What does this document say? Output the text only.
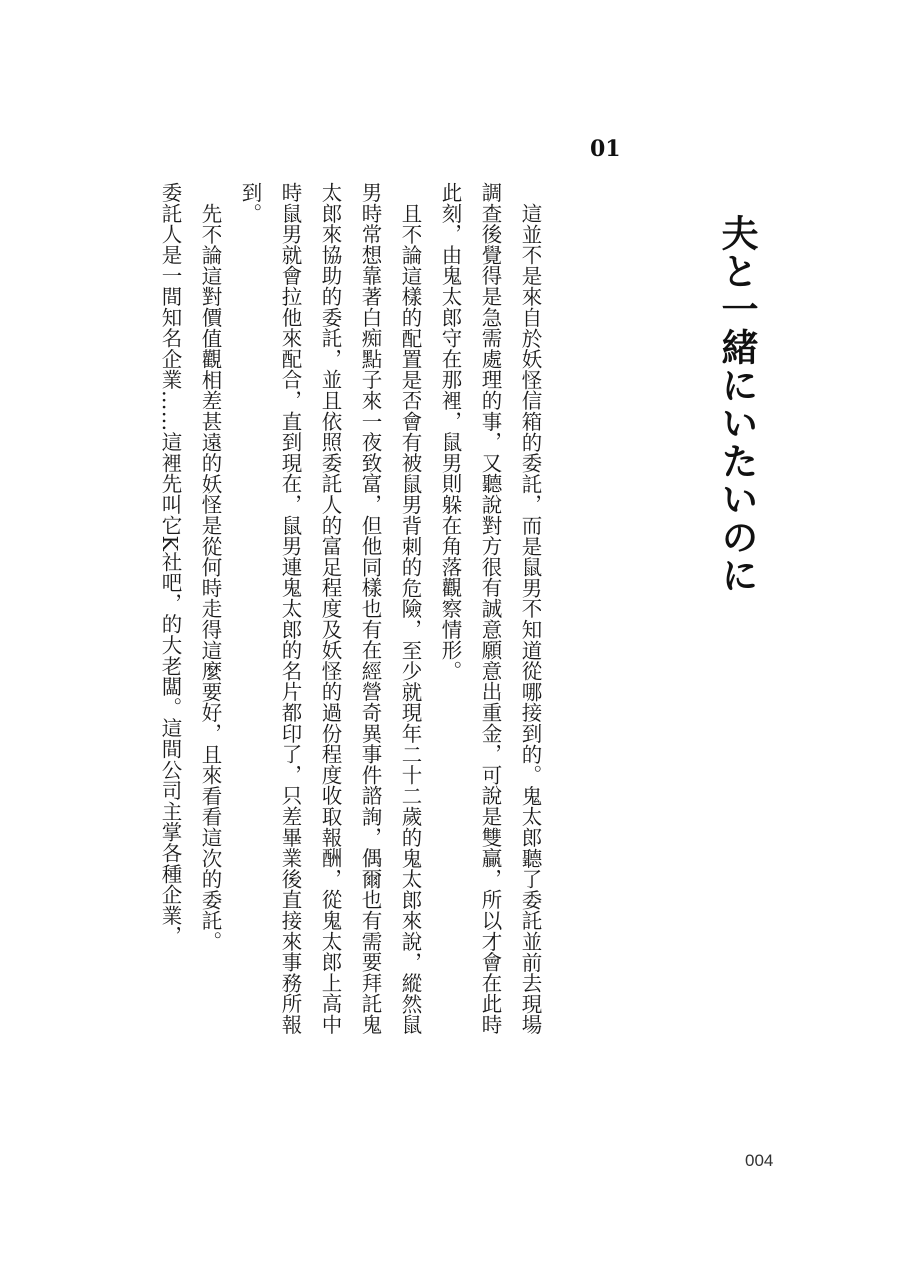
夫と一緒にいたいのに
01

這並不是來自於妖怪信箱的委託，而是鼠男不知道從哪接到的。鬼太郎聽了委託並前去現場調查後覺得是急需處理的事，又聽說對方很有誠意願意出重金，可說是雙贏，所以才會在此時此刻，由鬼太郎守在那裡，鼠男則躲在角落觀察情形。

且不論這樣的配置是否會有被鼠男背刺的危險，至少就現年二十二歲的鬼太郎來說，縱然鼠男時常想靠著白痴點子來一夜致富，但他同樣也有在經營奇異事件諮詢，偶爾也有需要拜託鬼太郎來協助的委託，並且依照委託人的富足程度及妖怪的過份程度收取報酬，從鬼太郎上高中時鼠男就會拉他來配合，直到現在，鼠男連鬼太郎的名片都印了，只差畢業後直接來事務所報到。

先不論這對價值觀相差甚遠的妖怪是從何時走得這麼要好，且來看看這次的委託。

委託人是一間知名企業……這裡先叫它K社吧，的大老闆。這間公司主掌各種企業，

004
